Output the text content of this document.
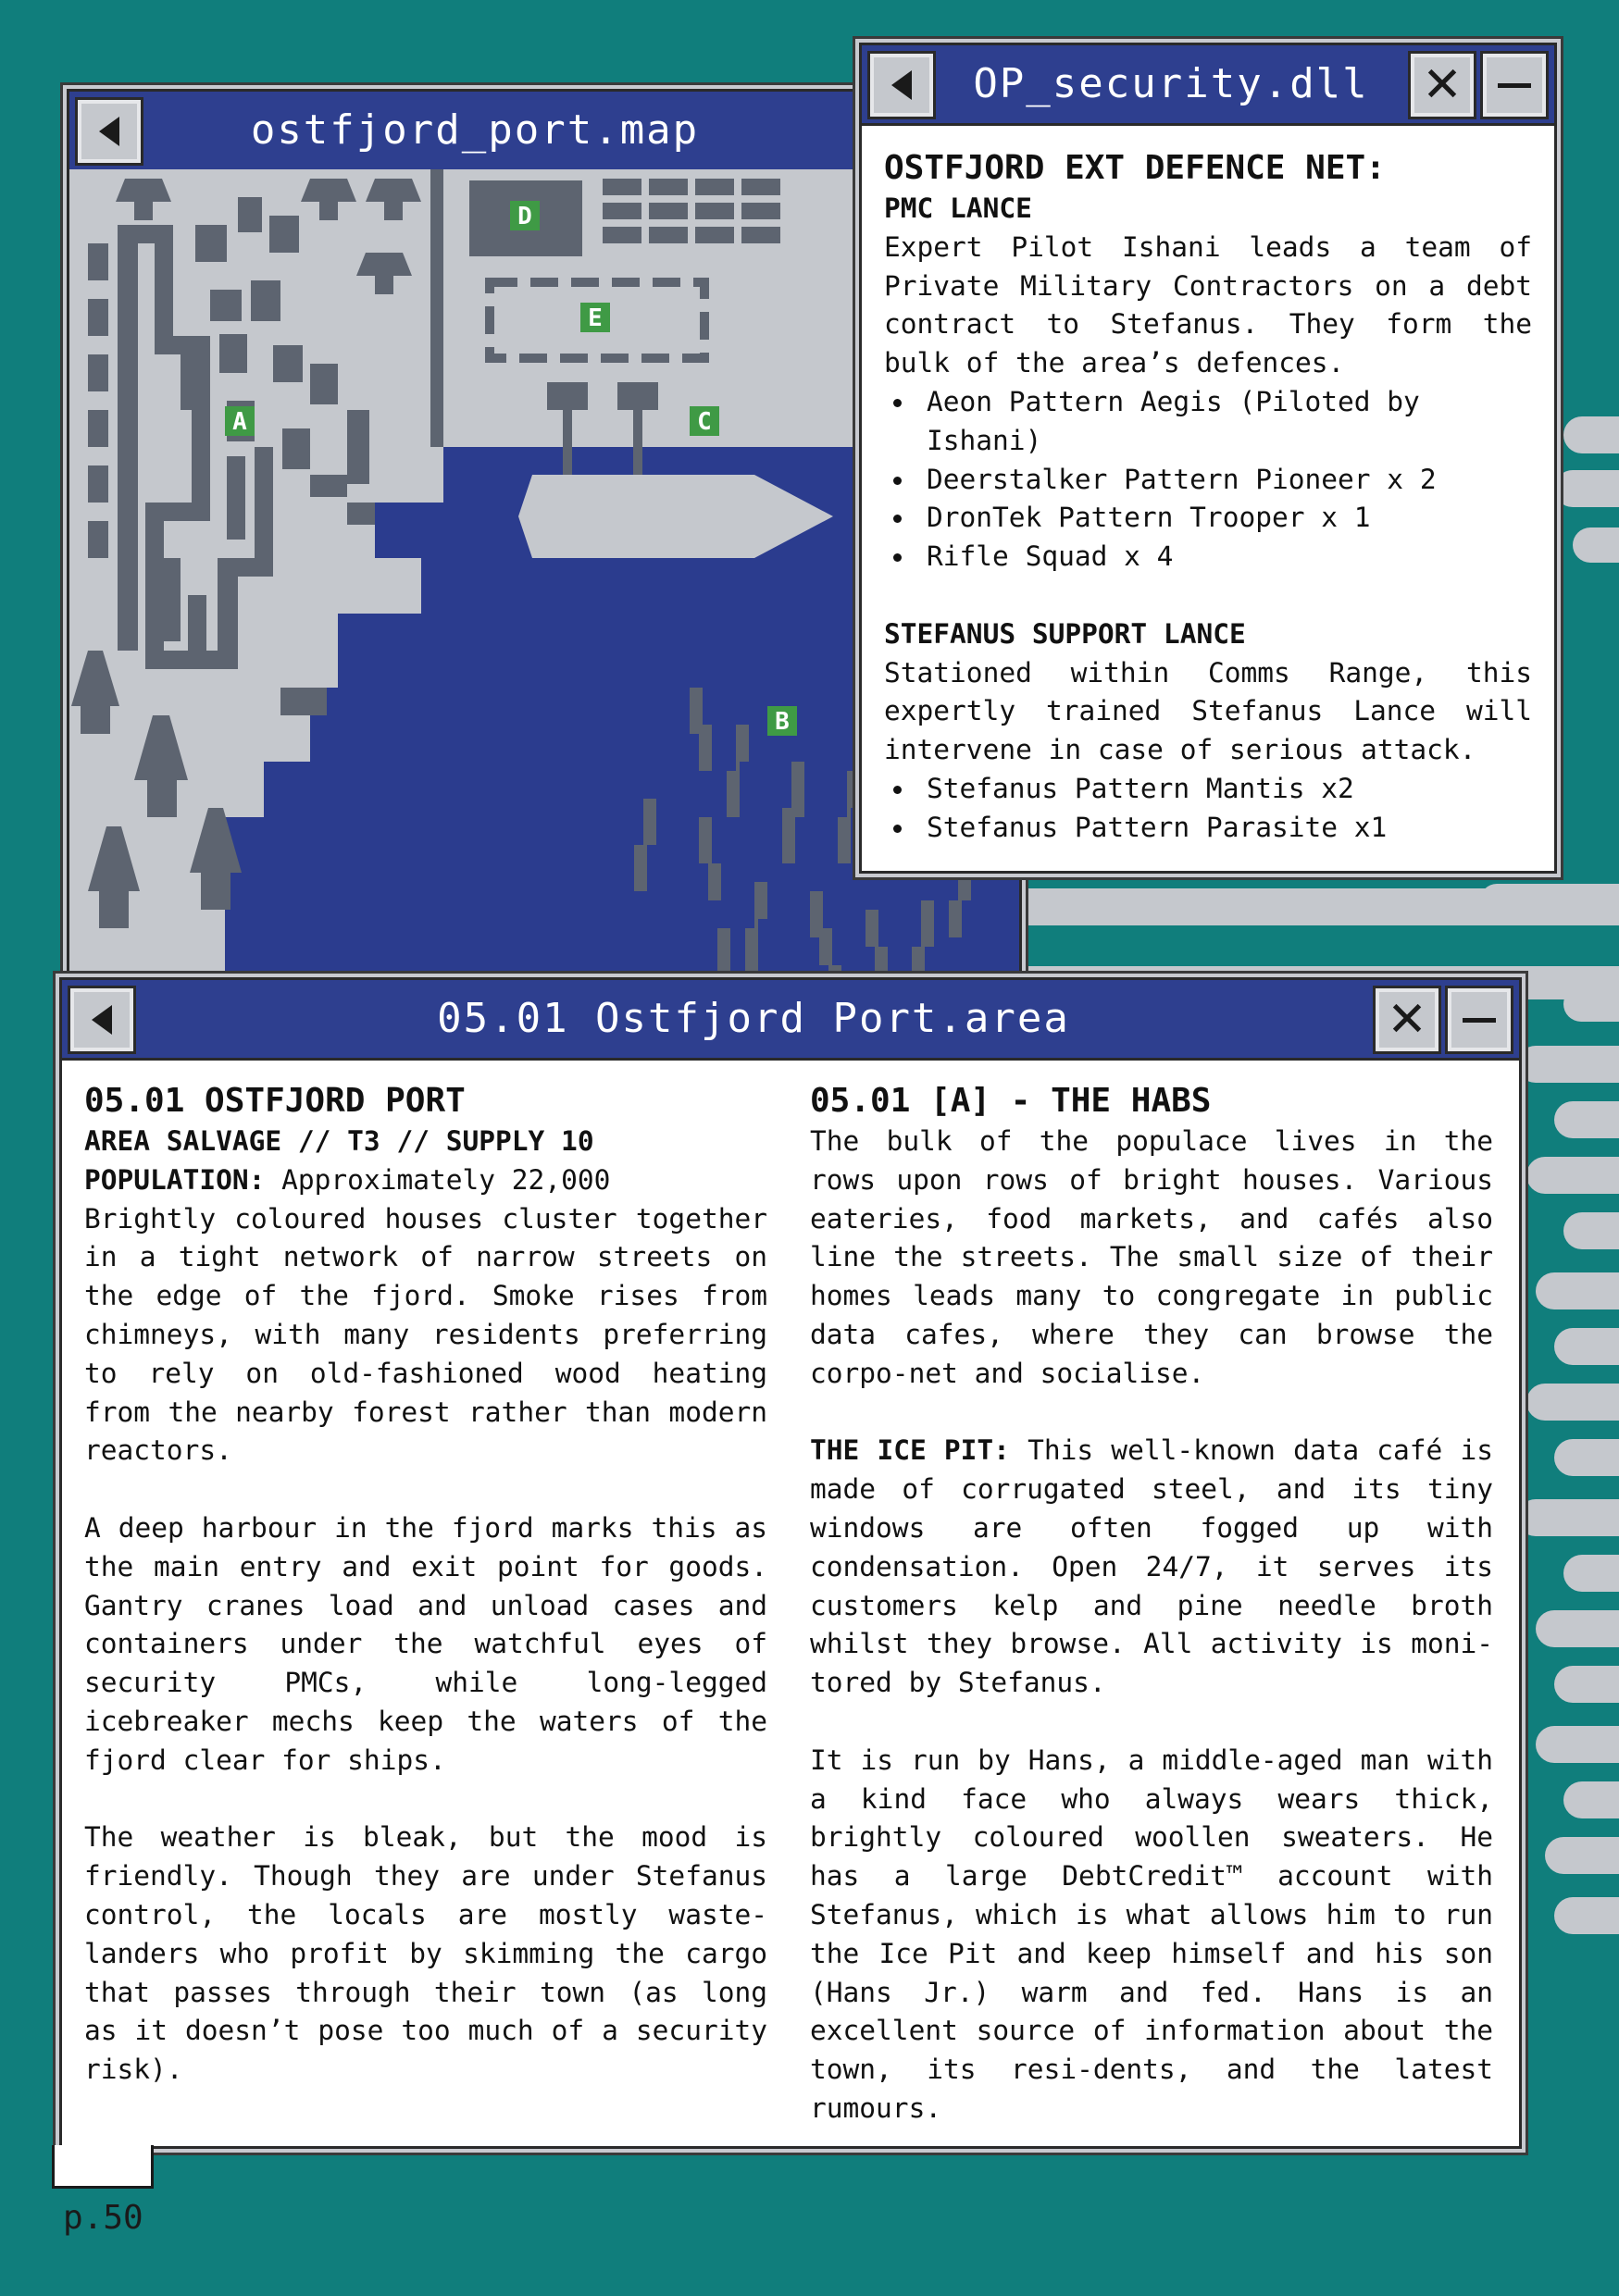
ostfjord_port.map
D
E
A	C
B
OP_security.dll	✕

OSTFJORD EXT DEFENCE NET:

PMC LANCE

Expert Pilot Ishani leads a team of Private Military Contractors on a debt contract to Stefanus. They form the bulk of the area’s defences.

Aeon Pattern Aegis (Piloted by Ishani)
Deerstalker Pattern Pioneer x 2
DronTek Pattern Trooper x 1
Rifle Squad x 4

STEFANUS SUPPORT LANCE

Stationed within Comms Range, this expertly trained Stefanus Lance will intervene in case of serious attack.

Stefanus Pattern Mantis x2
Stefanus Pattern Parasite x1
05.01 Ostfjord Port.area	✕

05.01 OSTFJORD PORT

AREA SALVAGE // T3 // SUPPLY 10

POPULATION: Approximately 22,000

Brightly coloured houses cluster together in a tight network of narrow streets on the edge of the fjord. Smoke rises from chimneys, with many residents preferring to rely on old-fashioned wood heating from the nearby forest rather than modern reactors.

A deep harbour in the fjord marks this as the main entry and exit point for goods. Gantry cranes load and unload cases and containers under the watchful eyes of security PMCs, while long-legged icebreaker mechs keep the waters of the fjord clear for ships.

The weather is bleak, but the mood is friendly. Though they are under Stefanus control, the locals are mostly waste-landers who profit by skimming the cargo that passes through their town (as long as it doesn’t pose too much of a security risk).

05.01 [A] - THE HABS

The bulk of the populace lives in the rows upon rows of bright houses. Various eateries, food markets, and cafés also line the streets. The small size of their homes leads many to congregate in public data cafes, where they can browse the corpo-net and socialise.

THE ICE PIT: This well-known data café is made of corrugated steel, and its tiny windows are often fogged up with condensation. Open 24/7, it serves its customers kelp and pine needle broth whilst they browse. All activity is moni-tored by Stefanus.

It is run by Hans, a middle-aged man with a kind face who always wears thick, brightly coloured woollen sweaters. He has a large DebtCredit™ account with Stefanus, which is what allows him to run the Ice Pit and keep himself and his son (Hans Jr.) warm and fed. Hans is an excellent source of information about the town, its resi-dents, and the latest rumours.

p.50
